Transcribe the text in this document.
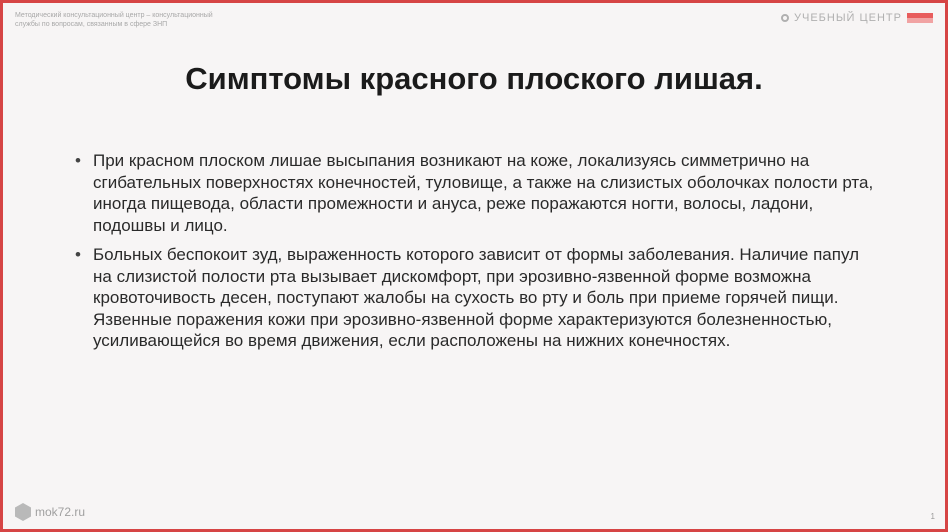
Методический консультационный центр – консультационный
службы по вопросам, связанным в сфере ЗНП
УЧЕБНЫЙ ЦЕНТР
Симптомы красного плоского лишая.
• При красном плоском лишае высыпания возникают на коже, локализуясь симметрично на сгибательных поверхностях конечностей, туловище, а также на слизистых оболочках полости рта, иногда пищевода, области промежности и ануса, реже поражаются ногти, волосы, ладони, подошвы и лицо.
• Больных беспокоит зуд, выраженность которого зависит от формы заболевания. Наличие папул на слизистой полости рта вызывает дискомфорт, при эрозивно-язвенной форме возможна кровоточивость десен, поступают жалобы на сухость во рту и боль при приеме горячей пищи. Язвенные поражения кожи при эрозивно-язвенной форме характеризуются болезненностью, усиливающейся во время движения, если расположены на нижних конечностях.
mok72.ru	1
